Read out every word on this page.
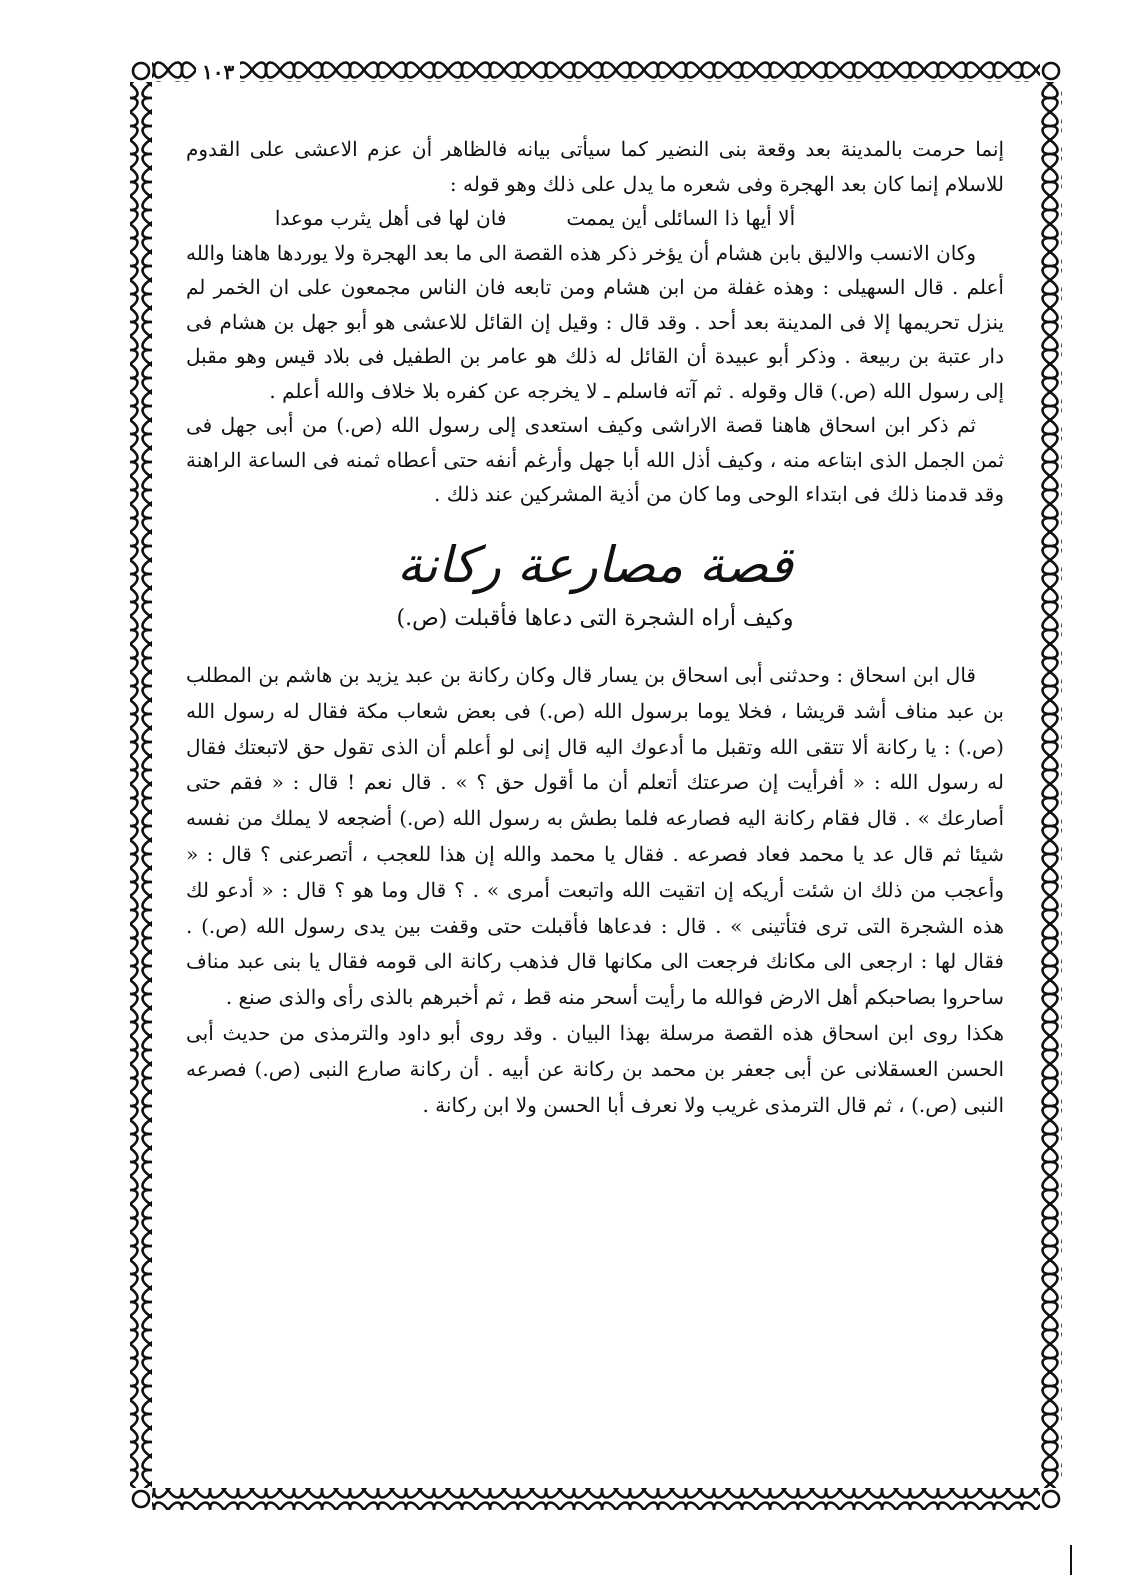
١٠٣

إنما حرمت بالمدينة بعد وقعة بنى النضير كما سيأتى بيانه فالظاهر أن عزم الاعشى على القدوم للاسلام إنما كان بعد الهجرة وفى شعره ما يدل على ذلك وهو قوله :

ألا أيها ذا السائلى أين يممت
فان لها فى أهل يثرب موعدا

وكان الانسب والاليق بابن هشام أن يؤخر ذكر هذه القصة الى ما بعد الهجرة ولا يوردها هاهنا والله أعلم . قال السهيلى : وهذه غفلة من ابن هشام ومن تابعه فان الناس مجمعون على ان الخمر لم ينزل تحريمها إلا فى المدينة بعد أحد . وقد قال : وقيل إن القائل للاعشى هو أبو جهل بن هشام فى دار عتبة بن ربيعة . وذكر أبو عبيدة أن القائل له ذلك هو عامر بن الطفيل فى بلاد قيس وهو مقبل إلى رسول الله (ص.) قال وقوله . ثم آته فاسلم ـ لا يخرجه عن كفره بلا خلاف والله أعلم .

ثم ذكر ابن اسحاق هاهنا قصة الاراشى وكيف استعدى إلى رسول الله (ص.) من أبى جهل فى ثمن الجمل الذى ابتاعه منه ، وكيف أذل الله أبا جهل وأرغم أنفه حتى أعطاه ثمنه فى الساعة الراهنة وقد قدمنا ذلك فى ابتداء الوحى وما كان من أذية المشركين عند ذلك .

قصة مصارعة ركانة
وكيف أراه الشجرة التى دعاها فأقبلت (ص.)

قال ابن اسحاق : وحدثنى أبى اسحاق بن يسار قال وكان ركانة بن عبد يزيد بن هاشم بن المطلب بن عبد مناف أشد قريشا ، فخلا يوما برسول الله (ص.) فى بعض شعاب مكة فقال له رسول الله (ص.) : يا ركانة ألا تتقى الله وتقبل ما أدعوك اليه قال إنى لو أعلم أن الذى تقول حق لاتبعتك فقال له رسول الله : « أفرأيت إن صرعتك أتعلم أن ما أقول حق ؟ » . قال نعم ! قال : « فقم حتى أصارعك » . قال فقام ركانة اليه فصارعه فلما بطش به رسول الله (ص.) أضجعه لا يملك من نفسه شيئا ثم قال عد يا محمد فعاد فصرعه . فقال يا محمد والله إن هذا للعجب ، أتصرعنى ؟ قال : « وأعجب من ذلك ان شئت أريكه إن اتقيت الله واتبعت أمرى » . ؟ قال وما هو ؟ قال : « أدعو لك هذه الشجرة التى ترى فتأتينى » . قال : فدعاها فأقبلت حتى وقفت بين يدى رسول الله (ص.) . فقال لها : ارجعى الى مكانك فرجعت الى مكانها قال فذهب ركانة الى قومه فقال يا بنى عبد مناف ساحروا بصاحبكم أهل الارض فوالله ما رأيت أسحر منه قط ، ثم أخبرهم بالذى رأى والذى صنع .

هكذا روى ابن اسحاق هذه القصة مرسلة بهذا البيان . وقد روى أبو داود والترمذى من حديث أبى الحسن العسقلانى عن أبى جعفر بن محمد بن ركانة عن أبيه . أن ركانة صارع النبى (ص.) فصرعه النبى (ص.) ، ثم قال الترمذى غريب ولا نعرف أبا الحسن ولا ابن ركانة .
